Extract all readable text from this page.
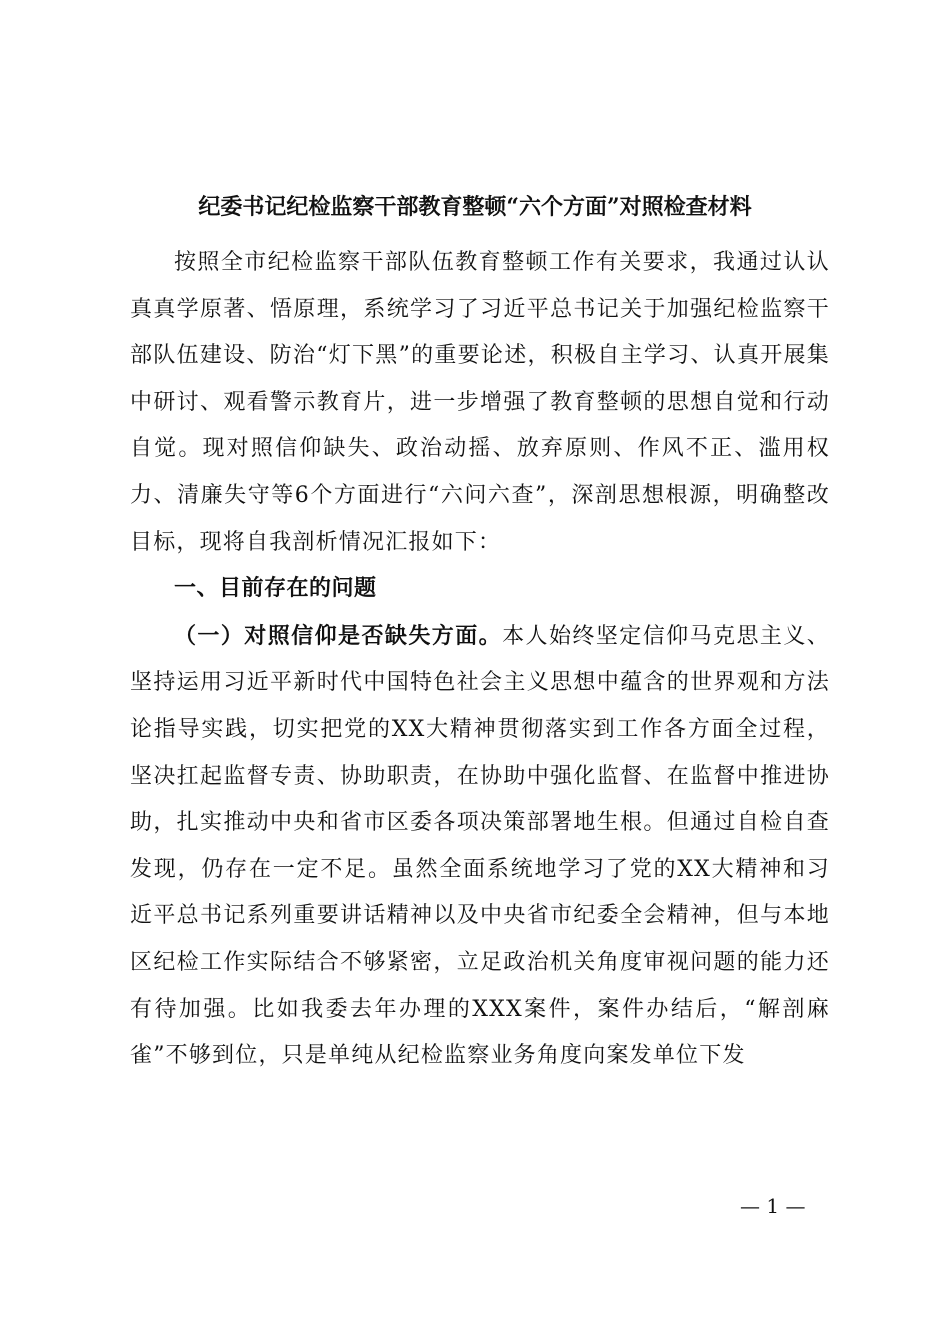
纪委书记纪检监察干部教育整顿“六个方面”对照检查材料

按照全市纪检监察干部队伍教育整顿工作有关要求，我通过认认真真学原著、悟原理，系统学习了习近平总书记关于加强纪检监察干部队伍建设、防治“灯下黑”的重要论述，积极自主学习、认真开展集中研讨、观看警示教育片，进一步增强了教育整顿的思想自觉和行动自觉。现对照信仰缺失、政治动摇、放弃原则、作风不正、滥用权力、清廉失守等6个方面进行“六问六查”，深剖思想根源，明确整改目标，现将自我剖析情况汇报如下：

一、目前存在的问题

（一）对照信仰是否缺失方面。本人始终坚定信仰马克思主义、坚持运用习近平新时代中国特色社会主义思想中蕴含的世界观和方法论指导实践，切实把党的XX大精神贯彻落实到工作各方面全过程，坚决扛起监督专责、协助职责，在协助中强化监督、在监督中推进协助，扎实推动中央和省市区委各项决策部署地生根。但通过自检自查发现，仍存在一定不足。虽然全面系统地学习了党的XX大精神和习近平总书记系列重要讲话精神以及中央省市纪委全会精神，但与本地区纪检工作实际结合不够紧密，立足政治机关角度审视问题的能力还有待加强。比如我委去年办理的XXX案件，案件办结后，“解剖麻雀”不够到位，只是单纯从纪检监察业务角度向案发单位下发

— 1 —
